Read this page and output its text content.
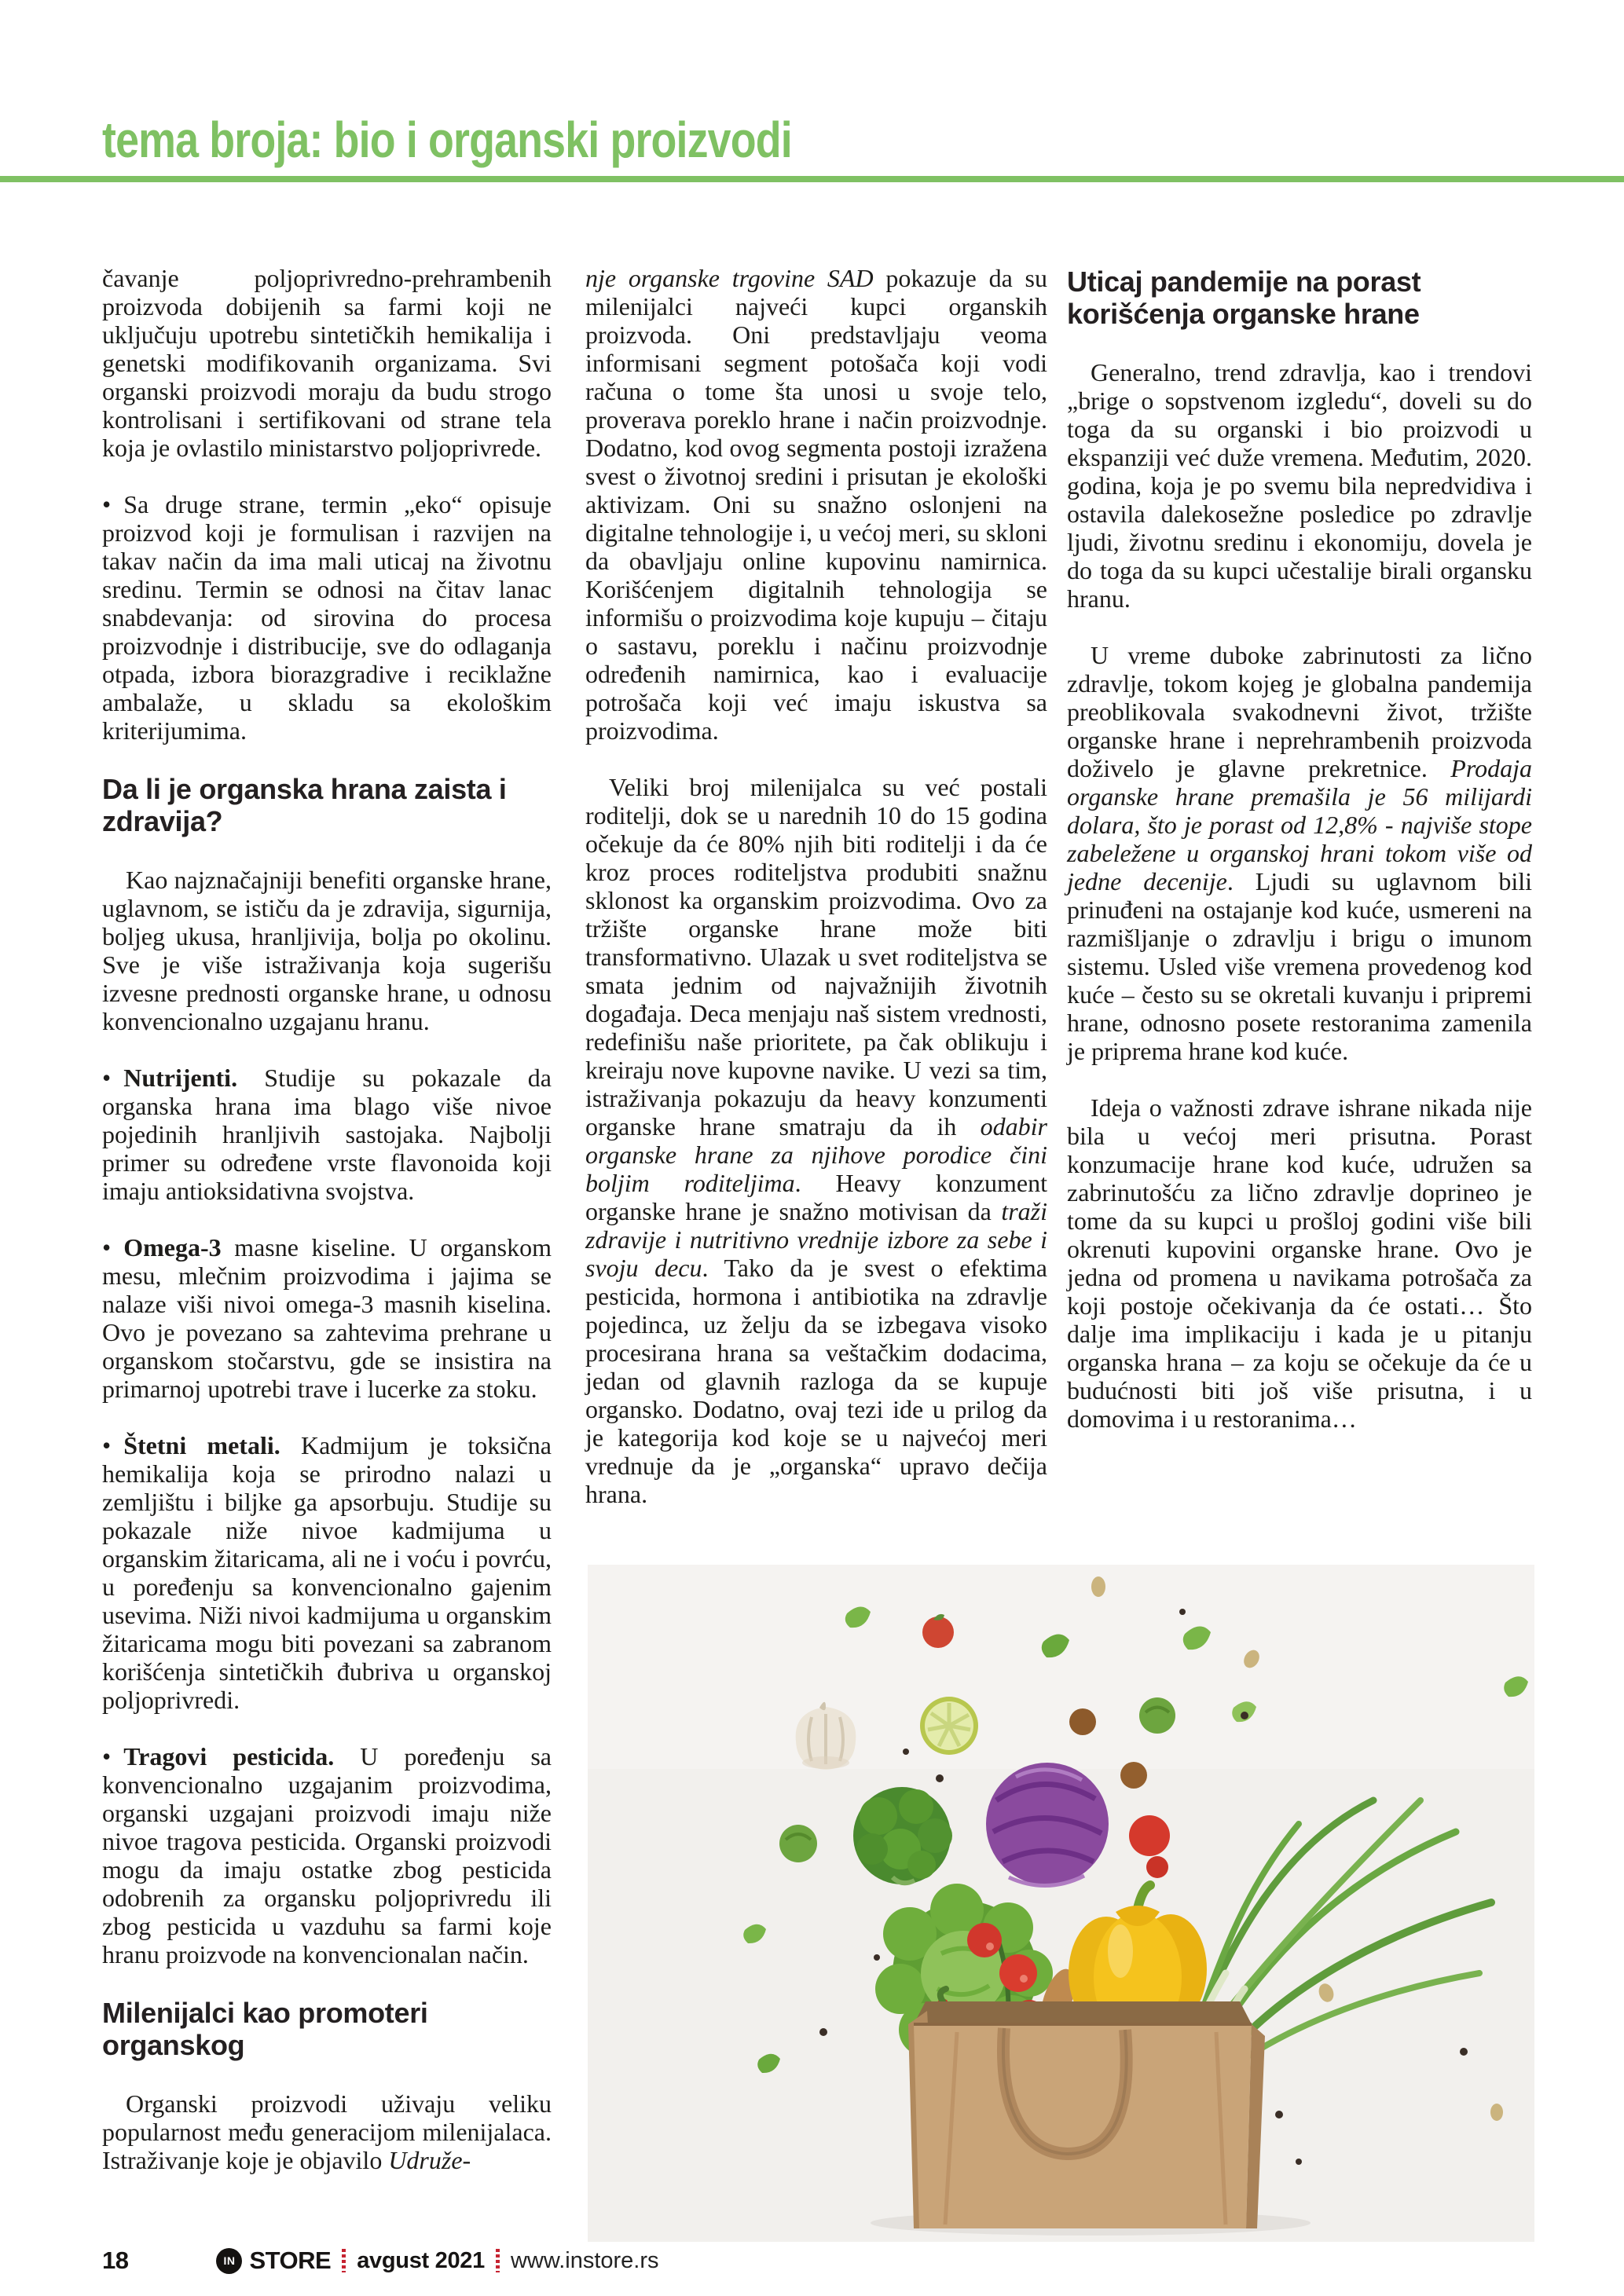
tema broja: bio i organski proizvodi

čavanje poljoprivredno-prehrambenih proizvoda dobijenih sa farmi koji ne uključuju upotrebu sintetičkih hemikalija i genetski modifikovanih organizama. Svi organski proizvodi moraju da budu strogo kontrolisani i sertifikovani od strane tela koja je ovlastilo ministarstvo poljoprivrede.

• Sa druge strane, termin „eko“ opisuje proizvod koji je formulisan i razvijen na takav način da ima mali uticaj na životnu sredinu. Termin se odnosi na čitav lanac snabdevanja: od sirovina do procesa proizvodnje i distribucije, sve do odlaganja otpada, izbora biorazgradive i reciklažne ambalaže, u skladu sa ekološkim kriterijumima.

Da li je organska hrana zaista i zdravija?

Kao najznačajniji benefiti organske hrane, uglavnom, se ističu da je zdravija, sigurnija, boljeg ukusa, hranljivija, bolja po okolinu. Sve je više istraživanja koja sugerišu izvesne prednosti organske hrane, u odnosu konvencionalno uzgajanu hranu.

• Nutrijenti. Studije su pokazale da organska hrana ima blago više nivoe pojedinih hranljivih sastojaka. Najbolji primer su određene vrste flavonoida koji imaju antioksidativna svojstva.

• Omega-3 masne kiseline. U organskom mesu, mlečnim proizvodima i jajima se nalaze viši nivoi omega-3 masnih kiselina. Ovo je povezano sa zahtevima prehrane u organskom stočarstvu, gde se insistira na primarnoj upotrebi trave i lucerke za stoku.

• Štetni metali. Kadmijum je toksična hemikalija koja se prirodno nalazi u zemljištu i biljke ga apsorbuju. Studije su pokazale niže nivoe kadmijuma u organskim žitaricama, ali ne i voću i povrću, u poređenju sa konvencionalno gajenim usevima. Niži nivoi kadmijuma u organskim žitaricama mogu biti povezani sa zabranom korišćenja sintetičkih đubriva u organskoj poljoprivredi.

• Tragovi pesticida. U poređenju sa konvencionalno uzgajanim proizvodima, organski uzgajani proizvodi imaju niže nivoe tragova pesticida. Organski proizvodi mogu da imaju ostatke zbog pesticida odobrenih za organsku poljoprivredu ili zbog pesticida u vazduhu sa farmi koje hranu proizvode na konvencionalan način.

Milenijalci kao promoteri organskog

Organski proizvodi uživaju veliku popularnost među generacijom milenijalaca. Istraživanje koje je objavilo Udruže-

nje organske trgovine SAD pokazuje da su milenijalci najveći kupci organskih proizvoda. Oni predstavljaju veoma informisani segment potošača koji vodi računa o tome šta unosi u svoje telo, proverava poreklo hrane i način proizvodnje. Dodatno, kod ovog segmenta postoji izražena svest o životnoj sredini i prisutan je ekološki aktivizam. Oni su snažno oslonjeni na digitalne tehnologije i, u većoj meri, su skloni da obavljaju online kupovinu namirnica. Korišćenjem digitalnih tehnologija se informišu o proizvodima koje kupuju – čitaju o sastavu, poreklu i načinu proizvodnje određenih namirnica, kao i evaluacije potrošača koji već imaju iskustva sa proizvodima.

Veliki broj milenijalca su već postali roditelji, dok se u narednih 10 do 15 godina očekuje da će 80% njih biti roditelji i da će kroz proces roditeljstva produbiti snažnu sklonost ka organskim proizvodima. Ovo za tržište organske hrane može biti transformativno. Ulazak u svet roditeljstva se smata jednim od najvažnijih životnih događaja. Deca menjaju naš sistem vrednosti, redefinišu naše prioritete, pa čak oblikuju i kreiraju nove kupovne navike. U vezi sa tim, istraživanja pokazuju da heavy konzumenti organske hrane smatraju da ih odabir organske hrane za njihove porodice čini boljim roditeljima. Heavy konzument organske hrane je snažno motivisan da traži zdravije i nutritivno vrednije izbore za sebe i svoju decu. Tako da je svest o efektima pesticida, hormona i antibiotika na zdravlje pojedinca, uz želju da se izbegava visoko procesirana hrana sa veštačkim dodacima, jedan od glavnih razloga da se kupuje organsko. Dodatno, ovaj tezi ide u prilog da je kategorija kod koje se u najvećoj meri vrednuje da je „organska“ upravo dečija hrana.

Uticaj pandemije na porast korišćenja organske hrane

Generalno, trend zdravlja, kao i trendovi „brige o sopstvenom izgledu“, doveli su do toga da su organski i bio proizvodi u ekspanziji već duže vremena. Međutim, 2020. godina, koja je po svemu bila nepredvidiva i ostavila dalekosežne posledice po zdravlje ljudi, životnu sredinu i ekonomiju, dovela je do toga da su kupci učestalije birali organsku hranu.

U vreme duboke zabrinutosti za lično zdravlje, tokom kojeg je globalna pandemija preoblikovala svakodnevni život, tržište organske hrane i neprehrambenih proizvoda doživelo je glavne prekretnice. Prodaja organske hrane premašila je 56 milijardi dolara, što je porast od 12,8% - najviše stope zabeležene u organskoj hrani tokom više od jedne decenije. Ljudi su uglavnom bili prinuđeni na ostajanje kod kuće, usmereni na razmišljanje o zdravlju i brigu o imunom sistemu. Usled više vremena provedenog kod kuće – često su se okretali kuvanju i pripremi hrane, odnosno posete restoranima zamenila je priprema hrane kod kuće.

Ideja o važnosti zdrave ishrane nikada nije bila u većoj meri prisutna. Porast konzumacije hrane kod kuće, udružen sa zabrinutošću za lično zdravlje doprineo je tome da su kupci u prošloj godini više bili okrenuti kupovini organske hrane. Ovo je jedna od promena u navikama potrošača za koji postoje očekivanja da će ostati… Što dalje ima implikaciju i kada je u pitanju organska hrana – za koju se očekuje da će u budućnosti biti još više prisutna, i u domovima i u restoranima…

18	IN STORE avgust 2021 www.instore.rs
